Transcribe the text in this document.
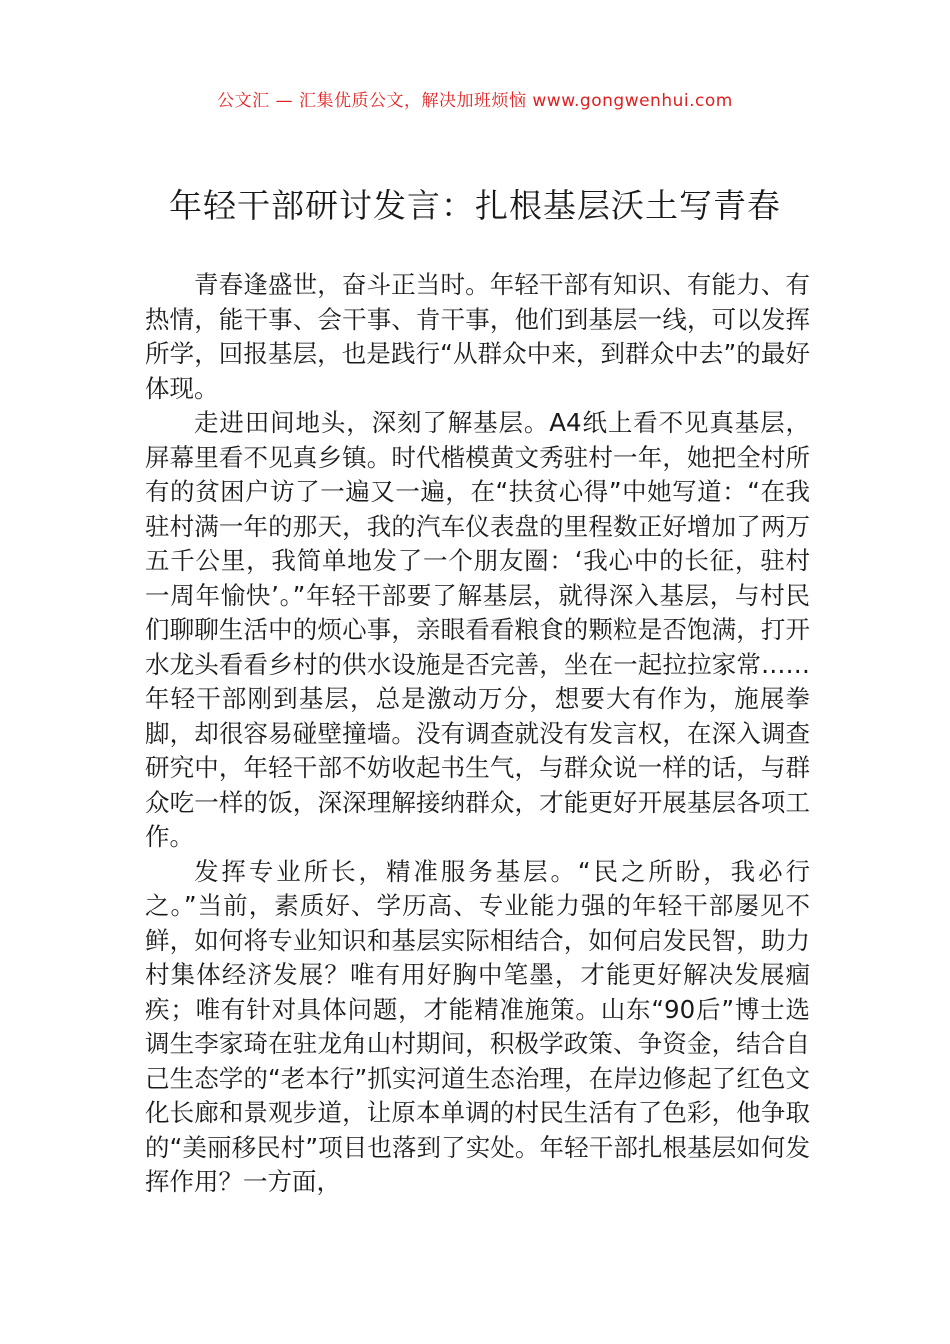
公文汇 — 汇集优质公文，解决加班烦恼 www.gongwenhui.com
年轻干部研讨发言：扎根基层沃土写青春

青春逢盛世，奋斗正当时。年轻干部有知识、有能力、有热情，能干事、会干事、肯干事，他们到基层一线，可以发挥所学，回报基层，也是践行“从群众中来，到群众中去”的最好体现。

走进田间地头，深刻了解基层。A4纸上看不见真基层，屏幕里看不见真乡镇。时代楷模黄文秀驻村一年，她把全村所有的贫困户访了一遍又一遍，在“扶贫心得”中她写道：“在我驻村满一年的那天，我的汽车仪表盘的里程数正好增加了两万五千公里，我简单地发了一个朋友圈：‘我心中的长征，驻村一周年愉快’。”年轻干部要了解基层，就得深入基层，与村民们聊聊生活中的烦心事，亲眼看看粮食的颗粒是否饱满，打开水龙头看看乡村的供水设施是否完善，坐在一起拉拉家常……年轻干部刚到基层，总是激动万分，想要大有作为，施展拳脚，却很容易碰壁撞墙。没有调查就没有发言权，在深入调查研究中，年轻干部不妨收起书生气，与群众说一样的话，与群众吃一样的饭，深深理解接纳群众，才能更好开展基层各项工作。

发挥专业所长，精准服务基层。“民之所盼，我必行之。”当前，素质好、学历高、专业能力强的年轻干部屡见不鲜，如何将专业知识和基层实际相结合，如何启发民智，助力村集体经济发展？唯有用好胸中笔墨，才能更好解决发展痼疾；唯有针对具体问题，才能精准施策。山东“90后”博士选调生李家琦在驻龙角山村期间，积极学政策、争资金，结合自己生态学的“老本行”抓实河道生态治理，在岸边修起了红色文化长廊和景观步道，让原本单调的村民生活有了色彩，他争取的“美丽移民村”项目也落到了实处。年轻干部扎根基层如何发挥作用？一方面，
